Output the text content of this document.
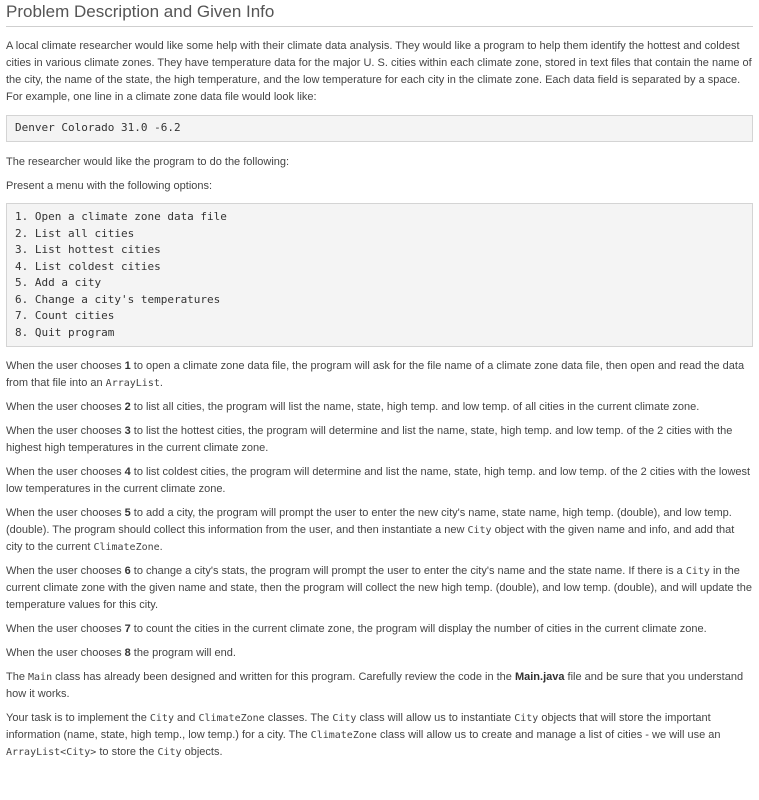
Problem Description and Given Info

A local climate researcher would like some help with their climate data analysis. They would like a program to help them identify the hottest and coldest cities in various climate zones. They have temperature data for the major U. S. cities within each climate zone, stored in text files that contain the name of the city, the name of the state, the high temperature, and the low temperature for each city in the climate zone. Each data field is separated by a space. For example, one line in a climate zone data file would look like:

Denver Colorado 31.0 -6.2

The researcher would like the program to do the following:

Present a menu with the following options:

1. Open a climate zone data file
2. List all cities
3. List hottest cities
4. List coldest cities
5. Add a city
6. Change a city's temperatures
7. Count cities
8. Quit program

When the user chooses 1 to open a climate zone data file, the program will ask for the file name of a climate zone data file, then open and read the data from that file into an ArrayList.

When the user chooses 2 to list all cities, the program will list the name, state, high temp. and low temp. of all cities in the current climate zone.

When the user chooses 3 to list the hottest cities, the program will determine and list the name, state, high temp. and low temp. of the 2 cities with the highest high temperatures in the current climate zone.

When the user chooses 4 to list coldest cities, the program will determine and list the name, state, high temp. and low temp. of the 2 cities with the lowest low temperatures in the current climate zone.

When the user chooses 5 to add a city, the program will prompt the user to enter the new city's name, state name, high temp. (double), and low temp. (double). The program should collect this information from the user, and then instantiate a new City object with the given name and info, and add that city to the current ClimateZone.

When the user chooses 6 to change a city's stats, the program will prompt the user to enter the city's name and the state name. If there is a City in the current climate zone with the given name and state, then the program will collect the new high temp. (double), and low temp. (double), and will update the temperature values for this city.

When the user chooses 7 to count the cities in the current climate zone, the program will display the number of cities in the current climate zone.

When the user chooses 8 the program will end.

The Main class has already been designed and written for this program. Carefully review the code in the Main.java file and be sure that you understand how it works.

Your task is to implement the City and ClimateZone classes. The City class will allow us to instantiate City objects that will store the important information (name, state, high temp., low temp.) for a city. The ClimateZone class will allow us to create and manage a list of cities - we will use an ArrayList<City> to store the City objects.
